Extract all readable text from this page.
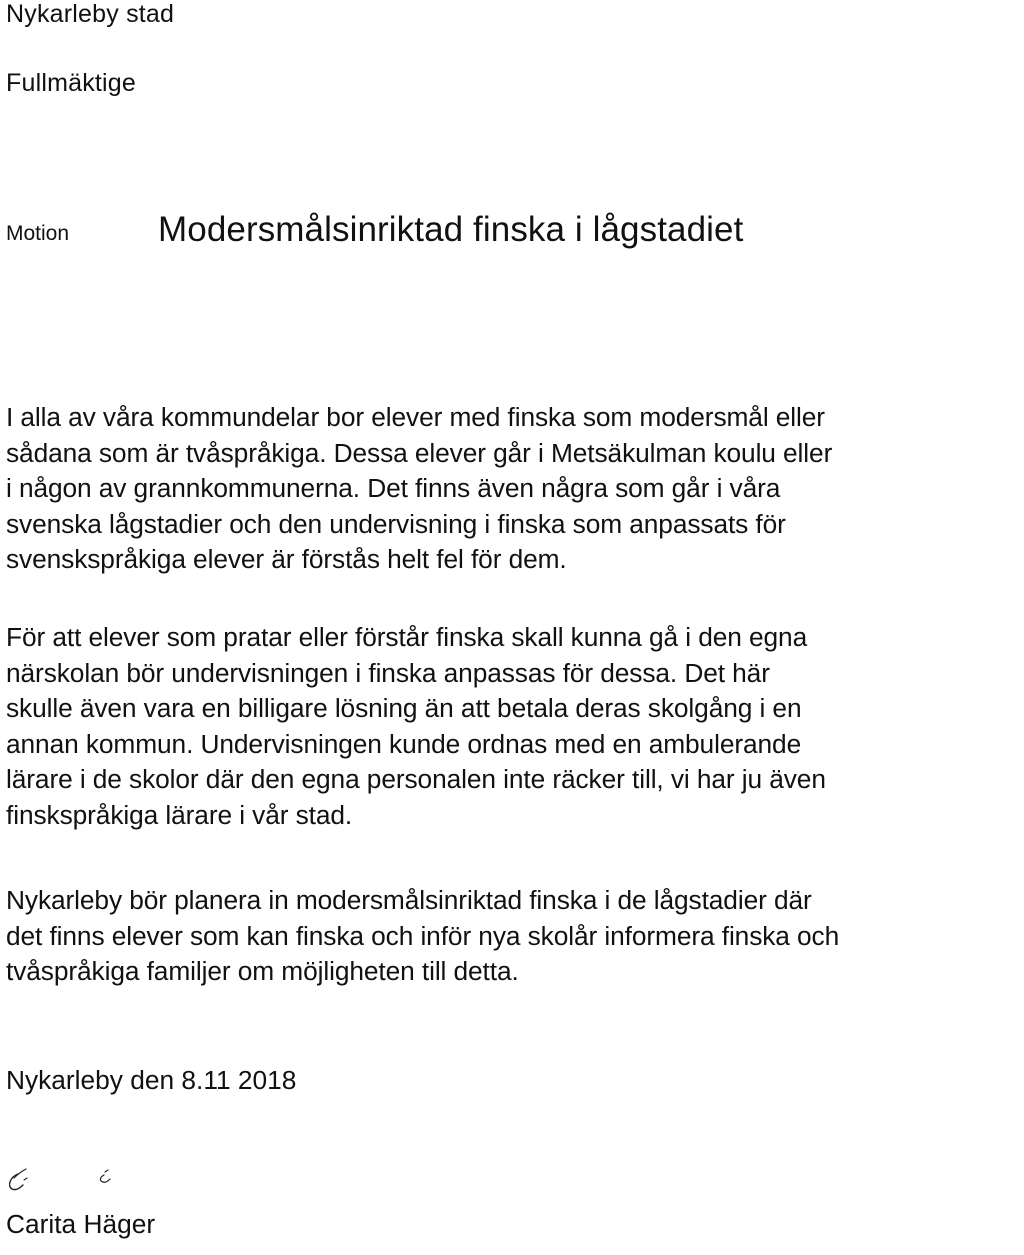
Nykarleby stad
Fullmäktige
Motion	Modersmålsinriktad finska i lågstadiet

I alla av våra kommundelar bor elever med finska som modersmål eller
sådana som är tvåspråkiga. Dessa elever går i Metsäkulman koulu eller
i någon av grannkommunerna. Det finns även några som går i våra
svenska lågstadier och den undervisning i finska som anpassats för
svenskspråkiga elever är förstås helt fel för dem.

För att elever som pratar eller förstår finska skall kunna gå i den egna
närskolan bör undervisningen i finska anpassas för dessa. Det här
skulle även vara en billigare lösning än att betala deras skolgång i en
annan kommun. Undervisningen kunde ordnas med en ambulerande
lärare i de skolor där den egna personalen inte räcker till, vi har ju även
finskspråkiga lärare i vår stad.

Nykarleby bör planera in modersmålsinriktad finska i de lågstadier där
det finns elever som kan finska och inför nya skolår informera finska och
tvåspråkiga familjer om möjligheten till detta.

Nykarleby den 8.11 2018
Carita Häger
